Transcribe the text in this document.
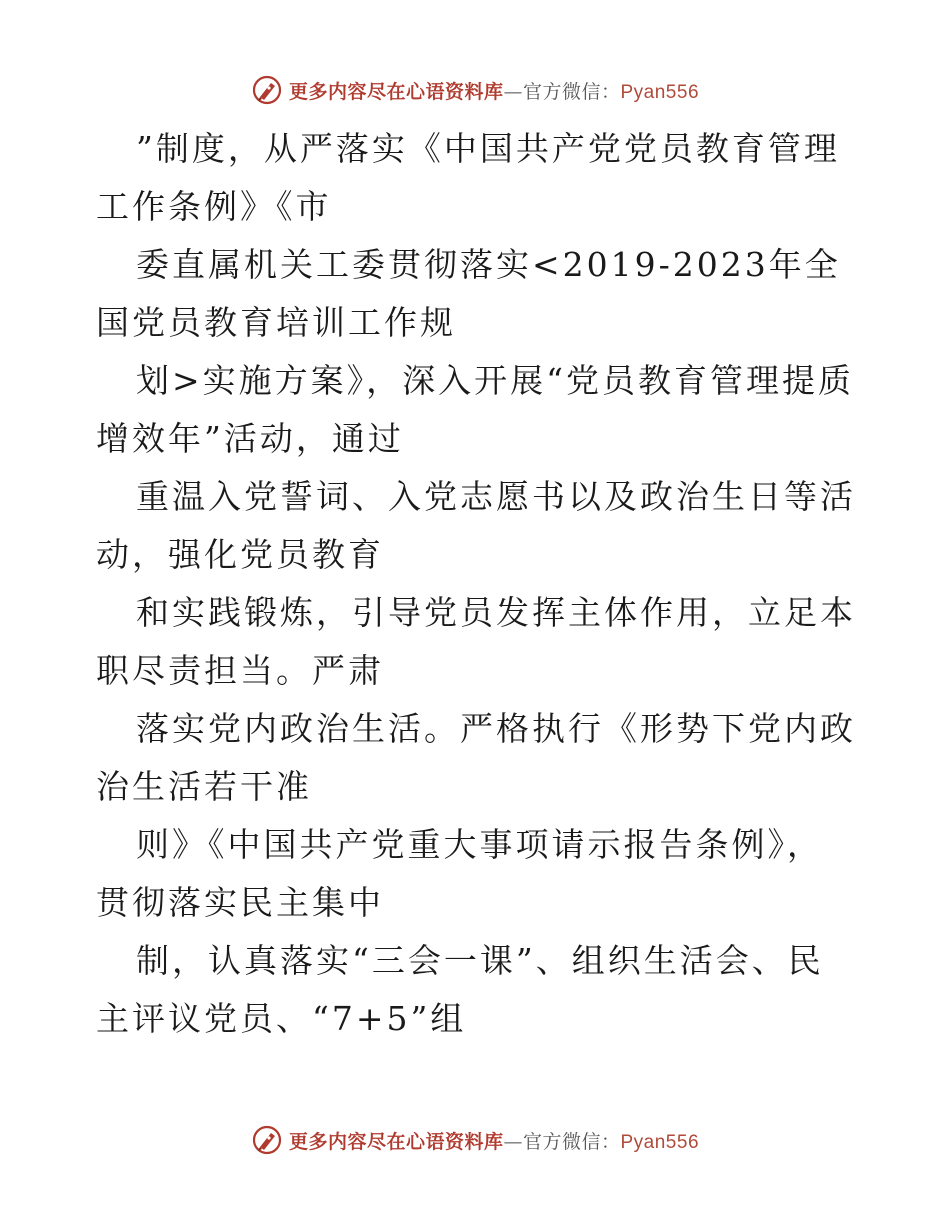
更多内容尽在心语资料库—官方微信：Pyan556

”制度，从严落实《中国共产党党员教育管理工作条例》《市

委直属机关工委贯彻落实<2019-2023年全国党员教育培训工作规

划>实施方案》，深入开展“党员教育管理提质增效年”活动，通过

重温入党誓词、入党志愿书以及政治生日等活动，强化党员教育

和实践锻炼，引导党员发挥主体作用，立足本职尽责担当。严肃

落实党内政治生活。严格执行《形势下党内政治生活若干准

则》《中国共产党重大事项请示报告条例》，贯彻落实民主集中

制，认真落实“三会一课”、组织生活会、民主评议党员、“7+5”组

更多内容尽在心语资料库—官方微信：Pyan556
